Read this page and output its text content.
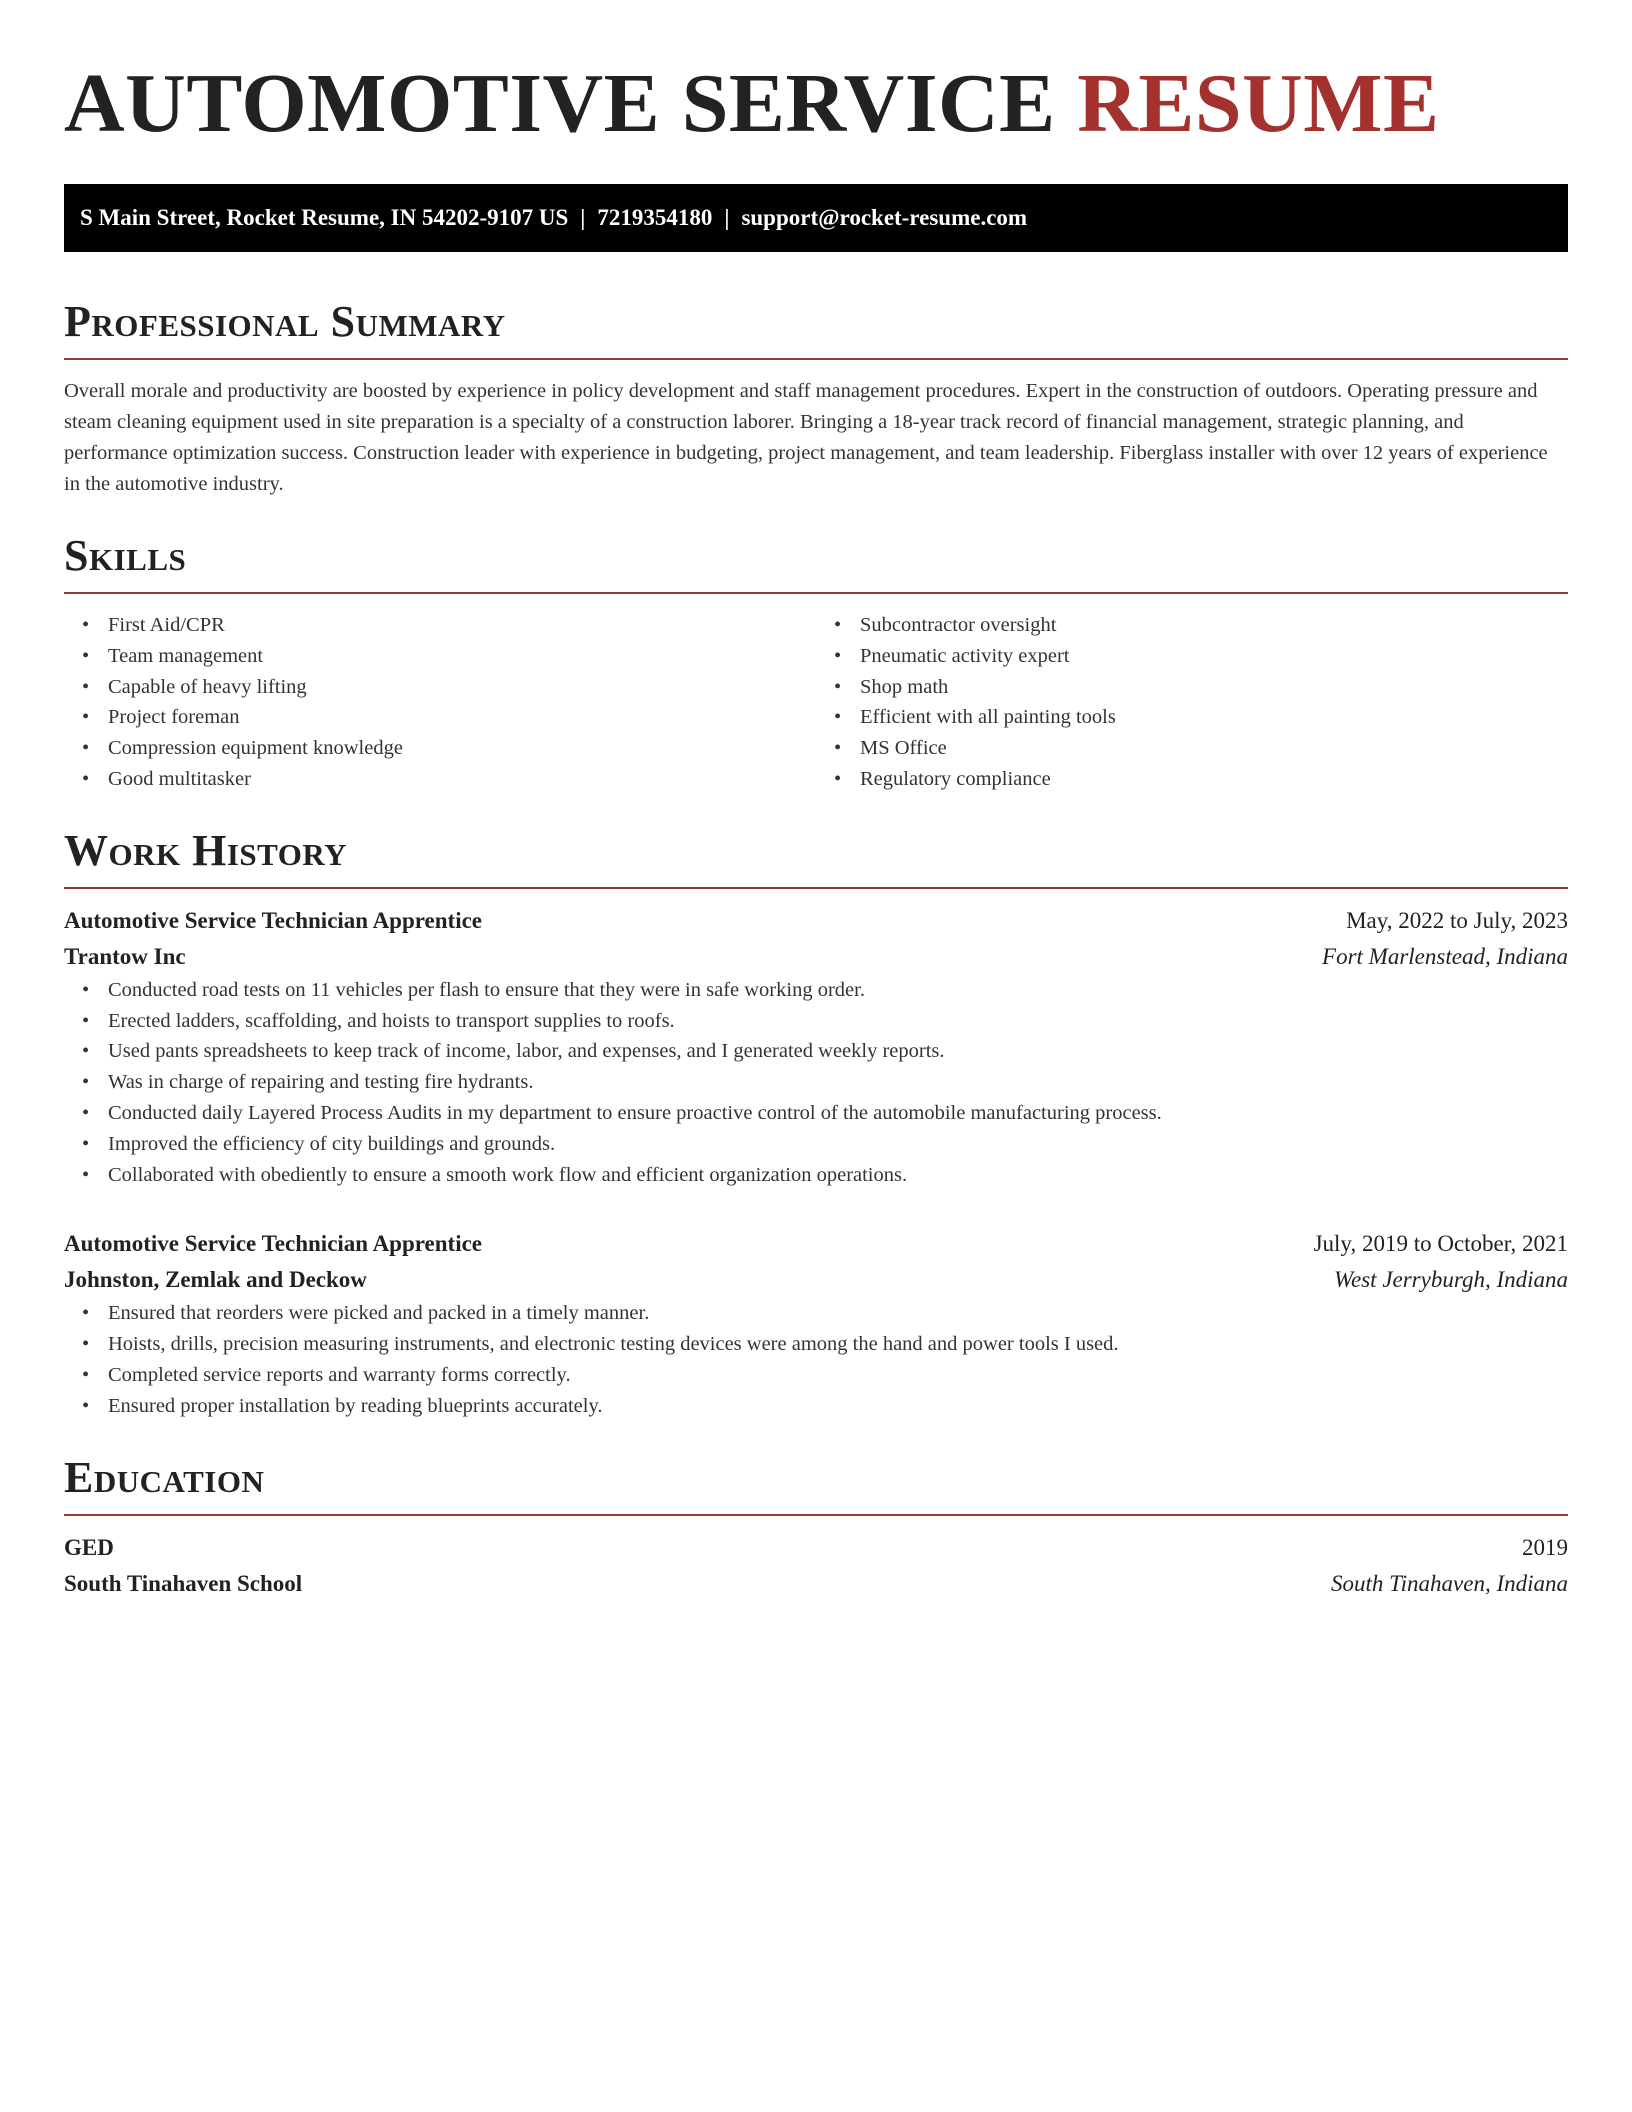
AUTOMOTIVE SERVICE RESUME
S Main Street, Rocket Resume, IN 54202-9107 US | 7219354180 | support@rocket-resume.com
Professional Summary

Overall morale and productivity are boosted by experience in policy development and staff management procedures. Expert in the construction of outdoors. Operating pressure and steam cleaning equipment used in site preparation is a specialty of a construction laborer. Bringing a 18-year track record of financial management, strategic planning, and performance optimization success. Construction leader with experience in budgeting, project management, and team leadership. Fiberglass installer with over 12 years of experience in the automotive industry.

Skills
• First Aid/CPR
• Team management
• Capable of heavy lifting
• Project foreman
• Compression equipment knowledge
• Good multitasker
• Subcontractor oversight
• Pneumatic activity expert
• Shop math
• Efficient with all painting tools
• MS Office
• Regulatory compliance
Work History
Automotive Service Technician Apprentice	May, 2022 to July, 2023
Trantow Inc	Fort Marlenstead, Indiana
• Conducted road tests on 11 vehicles per flash to ensure that they were in safe working order.
• Erected ladders, scaffolding, and hoists to transport supplies to roofs.
• Used pants spreadsheets to keep track of income, labor, and expenses, and I generated weekly reports.
• Was in charge of repairing and testing fire hydrants.
• Conducted daily Layered Process Audits in my department to ensure proactive control of the automobile manufacturing process.
• Improved the efficiency of city buildings and grounds.
• Collaborated with obediently to ensure a smooth work flow and efficient organization operations.
Automotive Service Technician Apprentice	July, 2019 to October, 2021
Johnston, Zemlak and Deckow	West Jerryburgh, Indiana
• Ensured that reorders were picked and packed in a timely manner.
• Hoists, drills, precision measuring instruments, and electronic testing devices were among the hand and power tools I used.
• Completed service reports and warranty forms correctly.
• Ensured proper installation by reading blueprints accurately.
Education
GED	2019
South Tinahaven School	South Tinahaven, Indiana
